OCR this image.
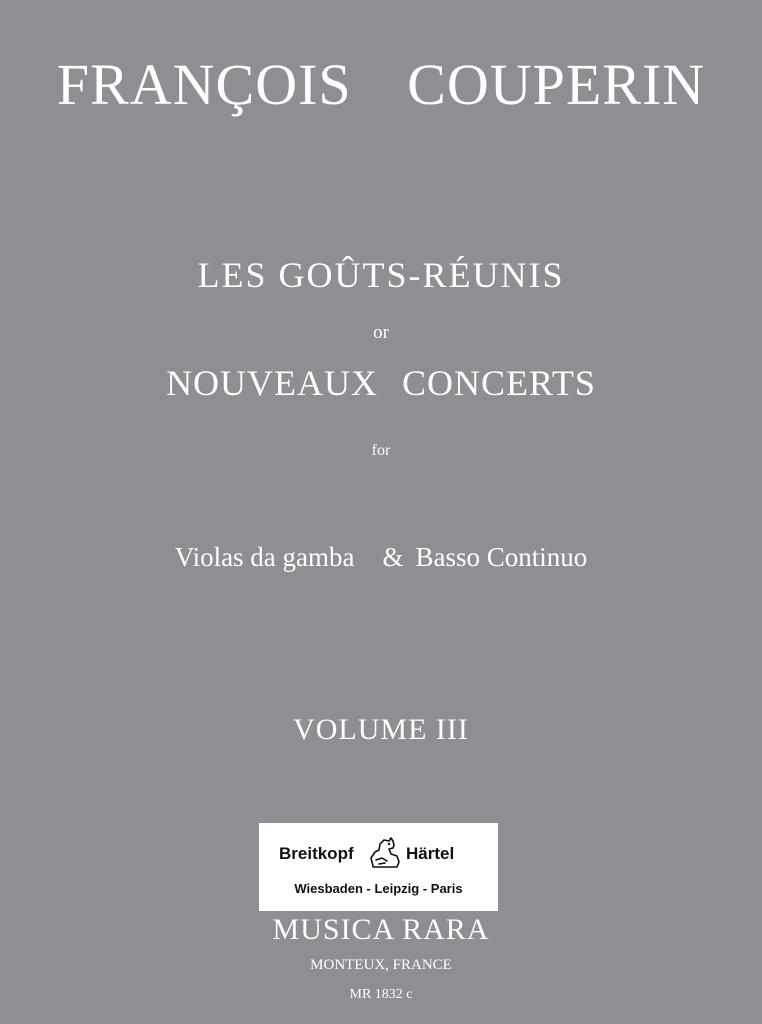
FRANÇOIS COUPERIN
LES GOÛTS-RÉUNIS
or
NOUVEAUX CONCERTS
for
Violas da gamba & Basso Continuo
VOLUME III
Breitkopf	Härtel
Wiesbaden - Leipzig - Paris
MUSICA RARA
MONTEUX, FRANCE
MR 1832 c
